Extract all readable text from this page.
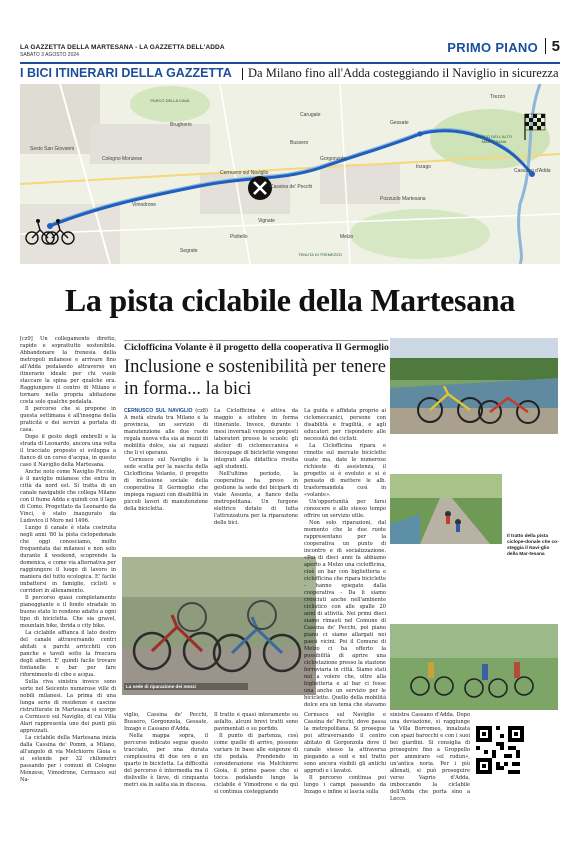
LA GAZZETTA DELLA MARTESANA - LA GAZZETTA DELL'ADDA
SABATO 3 AGOSTO 2024	PRIMO PIANO 5
I BICI ITINERARI DELLA GAZZETTA Da Milano fino all'Adda costeggiando il Naviglio in sicurezza
Sesto San Giovanni
Cologno Monzese
Brugherio
Carugate
Cernusco sul Naviglio
Gorgonzola
Cassina de' Pecchi
Bussero
Vimodrone
Segrate
Pioltello
Inzago
Gessate
Trezzo
Cassano d'Adda
Melzo
Pozzuolo Martesana
Vignate
PARCO DELL'ALTO MARTESANA
PARCO DELLA CAVA
TENUTA DI TREMEZZO
La pista ciclabile della Martesana

[cz9] Un collegamento diretto, rapido e soprattutto sostenibile. Abbandonare la frenesia della metropoli milanese e arrivare fino all'Adda pedalando attraverso un itinerario ideale per chi vuole staccare la spina per qualche ora. Raggiungere il centro di Milano e tornare nella propria abitazione costa solo qualche pedalata.

Il percorso che si propone in questa settimana è all'insegna della praticità e dei servizi a portata di casa.

Dopo il gesto degli ombrelli e la strada di Leonardo, ancora una volta il tracciato proposto si sviluppa a fianco di un corso d'acqua, in questo caso il Naviglio della Martesana.

Anche noto come Naviglio Piccolo, è il naviglio milanese che entra in città da nord est. Si tratta di un canale navigabile che collega Milano con il fiume Adda e quindi con il lago di Como. Progettato da Leonardo da Vinci, è stato inaugurato da Ludovico il Moro nel 1496.

Lungo il canale è stata costruita negli anni '80 la pista ciclopedonale che oggi conosciamo, molto frequentata dai milanesi e non solo durante il weekend, scoprendo la domenica, e come via alternativa per raggiungere il luogo di lavoro in maniera del tutto ecologica. E' facile imbattersi in famiglie, ciclisti e corridori in allenamento.

Il percorso quasi completamente pianeggiante e il fondo stradale in buono stato lo rendono adatto a ogni tipo di bicicletta. Che sia gravel, mountain bike, ibrida o city bike.

La ciclabile affianca il lato destro del canale attraversando centri abitati e parchi arricchiti con panche e tavoli sotto la frescura degli alberi. E' quindi facile trovare fontanelle e bar per fare rifornimento di cibo e acqua.

Sulla riva sinistra invece sono sorte nel Seicento numerose ville di nobili milanesi. La prima di una lunga serie di residenze e cascine ristrutturate in Martesana si scorge a Cernusco sul Naviglio, di cui Villa Alari rappresenta uno dei punti più apprezzati.

La ciclabile della Martesana inizia dalla Cassina de' Pomm, a Milano, all'angolo di via Melchiorre Gioia e si estende per 32 chilometri passando per i comuni di Cologno Monzese, Vimodrone, Cernusco sul Na-

Ciclofficina Volante è il progetto della cooperativa Il Germoglio
Inclusione e sostenibilità per tenere in forma... la bici
Il tratto della pista ciclope-donale che co-steggia il Navi-glio della Mar-tesana
La sede di riparazione dei mezzi

CERNUSCO SUL NAVIGLIO (cz8) A metà strada tra Milano e la provincia, un servizio di manutenzione alle due ruote regala nuova vita sia ai mezzi di mobilità dolce, sia ai ragazzi che li vi operano.

Cernusco sul Naviglio è la sede scelta per la nascita della Ciclofficina Volante, il progetto di inclusione sociale della cooperativa Il Germoglio che impiega ragazzi con disabilità in piccoli lavori di manutenzione della bicicletta.

La Ciclofficina è attiva da maggio a ottobre in forma itinerante. Invece, durante i mesi invernali vengono proposti laboratori presso le scuole: gli atelier di ciclomeccanica e decoupage di biciclette vengono integrati alla didattica rivolta agli studenti.

Nell'ultimo periodo, la cooperativa ha preso in gestione la sede del bicipark di viale Assunta, a fianco della metropolitana. Un furgone elettrico dotato di tutta l'attrezzatura per la riparazione delle bici.

La guida è affidata proprio ai ciclomeccanici, persone con disabilità e fragilità, e agli educatori per rispondere alle necessità dei ciclisti.

La Ciclofficina ripara e rimette sul mercato biciclette usate ma, date le numerose richieste di assistenza, il progetto si è evoluto e si è pensato di mettere le alb. trasformandola così in «volante».

Un'opportunità per farsi conoscere e allo stesso tempo offrire un servizio utile.

Non solo riparazioni, dal momento che le due ruote rappresentano per la cooperativa un punto di incontro e di socializzazione. «Poi di dieci anni fa abbiamo aperto a Melzo una ciclofficina, cioè un bar con biglietteria e ciclofficina che ripara biciclette - hanno spiegato dalla cooperativa - Da lì siamo cresciuti anche nell'ambiente ciclistico con alle spalle 20 anni di attività. Nei primi dieci siamo rimasti nel Comune di Cassina de' Pecchi, poi piano piano ci siamo allargati nei paesi vicini. Poi il Comune di Melzo ci ha offerto la possibilità di aprire una ciclostazione presso la stazione ferroviaria in città. Siamo stati noi a volere che, oltre alla biglietteria e al bar ci fosse una anche un servizio per le biciclette. Quello della mobilità dolce era un tema che stavamo

viglio, Cassina de' Pecchi, Bussero, Gorgonzola, Gessate, Inzago e Cassano d'Adda.

Nella mappa sopra, il percorso indicato segue questo tracciato, per una durata complessiva di due ore e un quarto in bicicletta. La difficoltà del percorso è intermedia ma il dislivello è lieve, di cinquanta metri sia in salita sia in discesa.

Il tratto è quasi interamente su asfalto, alcuni brevi tratti sono pavimentati o su porfido.

Il punto di partenza, così come quello di arrivo, possono variare in base alle esigenze di chi pedala. Prendendo in considerazione via Melchiorre Gioia, il primo paese che si tocca pedalando lungo la ciclabile è Vimodrone e da qui si continua costeggiando

Cernusco sul Naviglio e Cassina de' Pecchi, dove passa la metropolitana. Si prosegue poi attraversando il centro abitato di Gorgonzola dove il canale stesso la attraversa piegando a sud e nel tratto sono ancora visibili gli antichi approdi e i lavatoi.

Il percorso continua poi lungo i campi passando da Inzago e infine si lascia sulla

sinistra Cassano d'Adda. Dopo una deviazione, si raggiunge la Villa Borromeo, innalzata con spazi barocchi e con i suoi bei giardini. Si consiglia di proseguire fino a Groppello per ammirare «el rudun», un'antica noria. Per i più allenati, si può proseguire verso Vaprio d'Adda, imboccando la ciclabile dell'Adda che porta sino a Lecco.
